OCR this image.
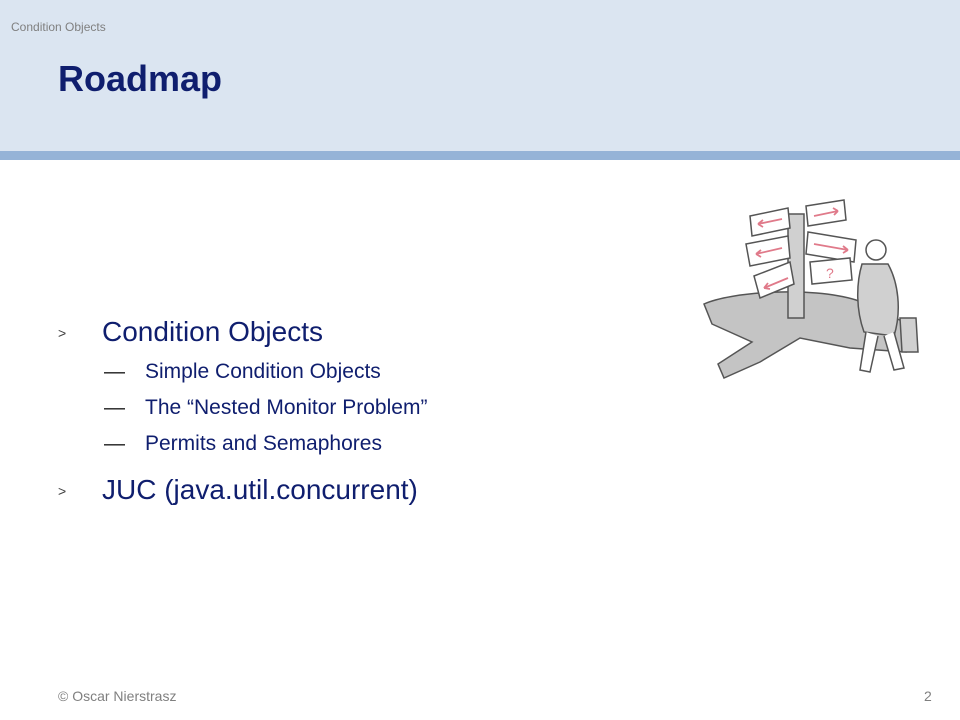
Condition Objects
Roadmap
> Condition Objects
— Simple Condition Objects
— The “Nested Monitor Problem”
— Permits and Semaphores
> JUC (java.util.concurrent)
?
© Oscar Nierstrasz	2
